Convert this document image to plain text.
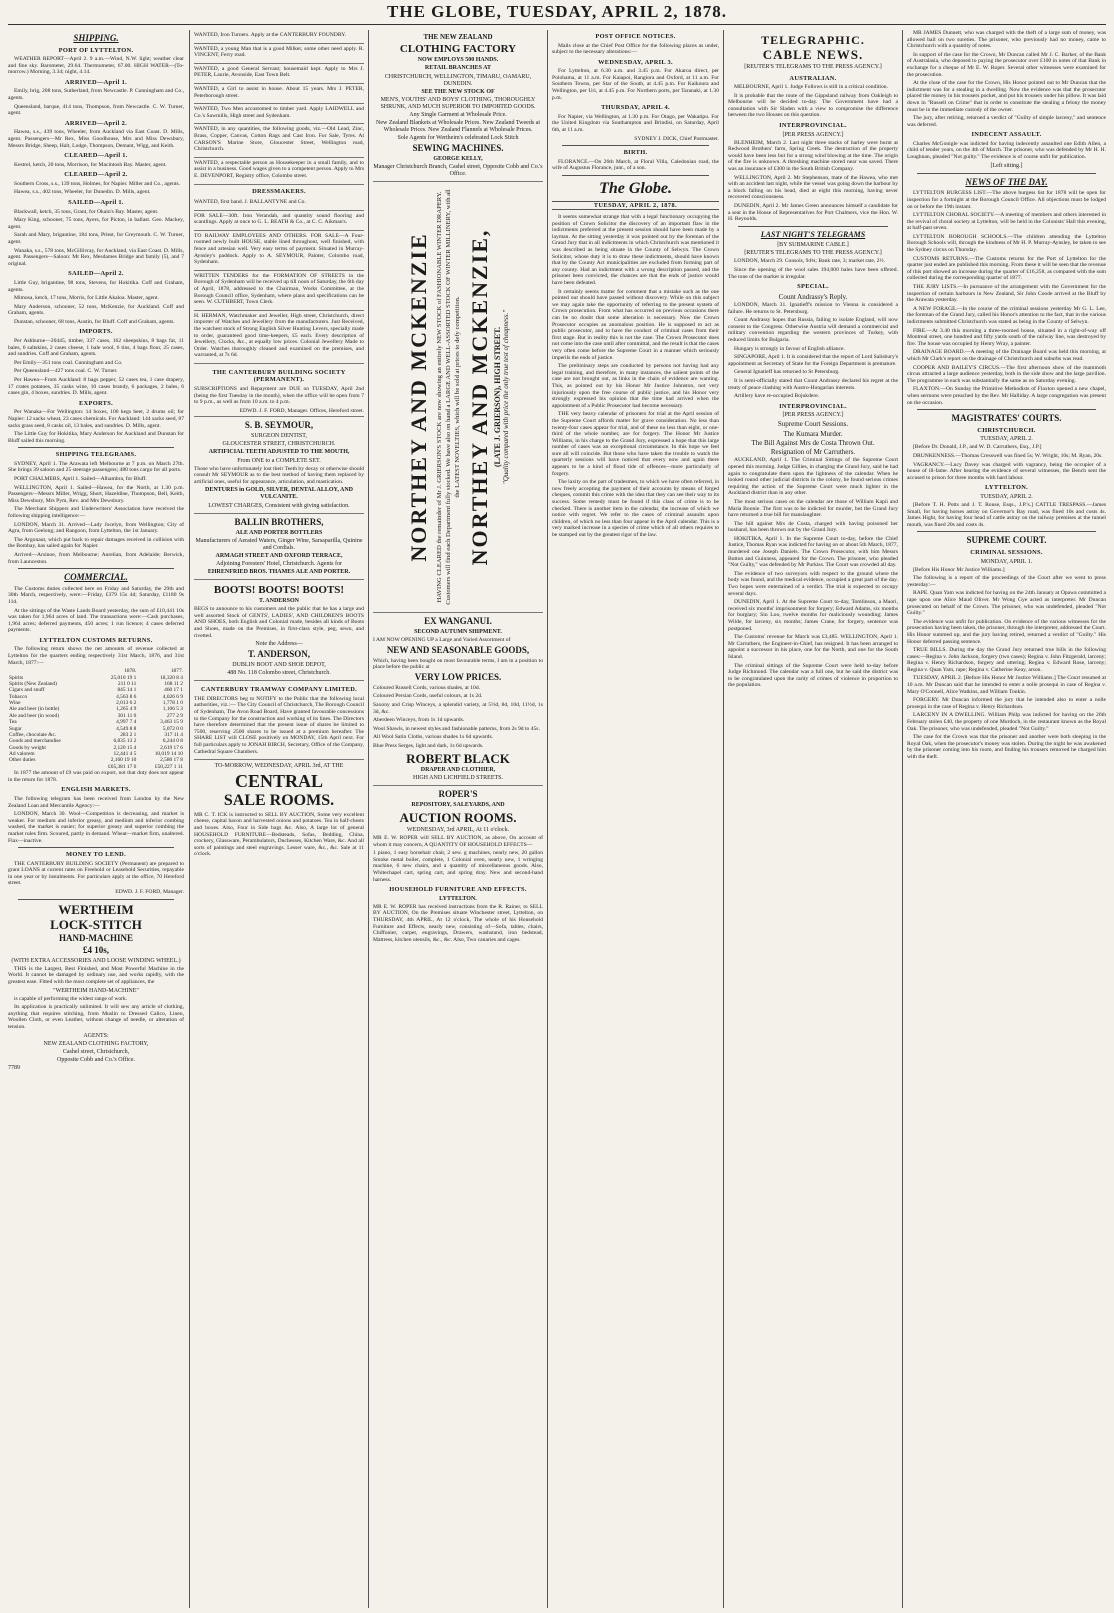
THE GLOBE, TUESDAY, APRIL 2, 1878.
SHIPPING.
PORT OF LYTTELTON.

WEATHER REPORT—April 2. 9 a.m.—Wind, N.W. light; weather clear and fine sky. Barometer, 29.64. Thermometer, 67.00. HIGH WATER—(To-morrow.) Morning, 3.34; night, 4.14.

ARRIVED—April 1.

Emily, brig, 208 tons, Sutherland, from Newcastle. P. Cunningham and Co., agents.

Queensland, barque, 414 tons, Thompson, from Newcastle. C. W. Turner, agent.

ARRIVED—April 2.

Hawea, s.s., 439 tons, Wheeler, from Auckland via East Coast. D. Mills, agent. Passengers—Mr Rex, Miss Goodhouse, Mrs and Miss Dewsbury, Messrs Bridge, Sheep, Halt, Lodge, Thompson, Demant, Wigg, and Keith.

CLEARED—April 1.

Kestrel, ketch, 20 tons, Morrison, for Macintosh Bay. Master, agent.

CLEARED—April 2.

Southern Cross, s.s., 139 tons, Holmes, for Napier. Miller and Co., agents.

Hawea, s.s., 402 tons, Wheeler, for Dunedin. D. Mills, agent.

SAILED—April 1.

Blackwall, ketch, 35 tons, Grant, for Okain's Bay. Master, agent.

Mary King, schooner, 75 tons, Ayers, for Picton, in ballast. Geo. Mackey, agent.

Sarah and Mary, brigantine, 184 tons, Priest, for Greymouth. C. W. Turner, agent.

Wanaka, s.s., 578 tons, McGillivray, for Auckland, via East Coast. D. Mills, agent. Passengers—Saloon: Mr Rex, Mesdames Bridge and family (5), and 7 original.

SAILED—April 2.

Little Guy, brigantine, 98 tons, Stevens, for Hokitika. Coff and Graham, agents.

Mimosa, ketch, 17 tons, Morris, for Little Akaloa. Master, agent.

Mary Anderson, schooner, 52 tons, McKenzie, for Auckland. Coff and Graham, agents.

Dunstan, schooner, 68 tons, Austin, for Bluff. Coff and Graham, agents.

IMPORTS.

Per Ashburne—20445, timber, 337 cases, 162 sheepskins, 8 bags fat, 11 bales, 6 saltskins, 2 cases cheese, 1 bale wool, 6 tins, 4 bags flour, 25 cases, and sundries. Coff and Graham, agents.

Per Emily—351 tons coal. Cunningham and Co.

Per Queensland—427 tons coal. C. W. Turner.

Per Hawea—From Auckland: 8 bags pepper, 52 cases tea, 1 case drapery, 17 crates potatoes, 35 casks wine, 10 cases brandy, 6 packages, 2 bales, 6 cases gin, 4 boxes, sundries. D. Mills, agent.

EXPORTS.

Per Wanaka—For Wellington: 14 boxes, 100 kegs beer, 2 drums oil; for Napier: 12 sacks wheat, 23 cases chemicals. For Auckland: 144 sacks seed, 87 sacks grass seed, 8 casks oil, 13 bales, and sundries. D. Mills, agent.

The Little Guy for Hokitika, Mary Anderson for Auckland and Dunstan for Bluff sailed this morning.

SHIPPING TELEGRAMS.

SYDNEY, April 1. The Arawata left Melbourne at 7 p.m. on March 27th. She brings 39 saloon and 25 steerage passengers; 480 tons cargo for all ports.

PORT CHALMERS, April 1. Sailed—Alhambra, for Bluff.

WELLINGTON, April 1. Sailed—Hawea, for the North, at 1.30 p.m. Passengers—Messrs Miller, Wrigg, Short, Hazeldine, Thompson, Bell, Keith, Miss Dewsbury, Mrs Pym, Rev. and Mrs Dewsbury.

The Merchant Shippers and Underwriters' Association have received the following shipping intelligence:—

LONDON, March 31. Arrived—Lady Jocelyn, from Wellington; City of Agra, from Geelong; and Rangoon, from Lyttelton, the 1st January.

The Argonaut, which put back to repair damages received in collision with the Bombay, has sailed again for Napier.

Arrived—Arsinoe, from Melbourne; Aurelian, from Adelaide; Berwick, from Launceston.

COMMERCIAL.

The Customs duties collected here on Friday and Saturday, the 29th and 30th March, respectively, were:—Friday, £379 15s 4d; Saturday, £1180 9s 11d.

At the sittings of the Waste Lands Board yesterday, the sum of £10,441 10s was taken for 1,964 acres of land. The transactions were:—Cash purchases, 1,964 acres; deferred payments, 450 acres; 1 run licence; 4 cases deferred payments.

LYTTELTON CUSTOMS RETURNS.

The following return shows the net amounts of revenue collected at Lyttelton for the quarters ending respectively 31st March, 1876, and 31st March, 1877:—

	1878.	1877.
Spirits	25,010 19 1	18,320 8 4
Spirits (New Zealand)	211 0 11	168 11 2
Cigars and snuff	845 14 1	460 17 1
Tobacco	4,563 8 6	4,026 6 9
Wine	2,013 6 2	1,778 1 0
Ale and beer (in bottle)	1,265 4 9	1,106 5 3
Ale and beer (in wood)	301 11 0	277 2 9
Tea	4,997 7 4	3,463 15 9
Sugar	4,549 8 8	5,072 0 0
Coffee, chocolate &c.	283 2 1	317 11 4
Goods and merchandise	6,835 13 2	6,244 0 8
Goods by weight	2,120 15 4	2,619 17 6
Ad valorem	12,441 4 5	10,019 14 10
Other duties	2,160 19 10	2,580 17 8
	£65,381 17 0	£50,227 1 11

In 1877 the amount of £9 was paid on export, not that duty does not appear in the return for 1878.

ENGLISH MARKETS.

The following telegram has been received from London by the New Zealand Loan and Mercantile Agency:—

LONDON, March 30. Wool—Competition is decreasing, and market is weaker. For medium and inferior greasy, and medium and inferior combing washed, the market is easier; for superior greasy and superior combing the market rules firm. Scoured, partly in demand. Wheat—market firm, unaltered. Flax—inactive.

MONEY TO LEND.

THE CANTERBURY BUILDING SOCIETY (Permanent) are prepared to grant LOANS at current rates on Freehold or Leasehold Securities, repayable in one year or by instalments. For particulars apply at the office, 70 Hereford street.

EDWD. J. F. FORD, Manager.
WERTHEIM
LOCK-STITCH
HAND-MACHINE
£4 10s,
(WITH EXTRA ACCESSORIES AND LOOSE WINDING WHEEL.)

THIS is the Largest, Best Finished, and Most Powerful Machine in the World. It cannot be damaged by ordinary use, and works rapidly, with the greatest ease. Fitted with the most complete set of appliances, the

"WERTHEIM HAND-MACHINE"

is capable of performing the widest range of work.

Its application is practically unlimited. It will sew any article of clothing, anything that requires stitching, from Muslin to Dressed Calico, Linen, Woollen Cloth, or even Leather, without change of needle, or alteration of tension.

AGENTS:
NEW ZEALAND CLOTHING FACTORY,
Cashel street, Christchurch,
Opposite Cobb and Co.'s Office.
7789

WANTED, Iron Turners. Apply at the CANTERBURY FOUNDRY.

WANTED, a young Man that is a good Milker, some other need apply. R. VINCENT, Ferry road.

WANTED, a good General Servant; housemaid kept. Apply to Mrs J. PETER, Laurie, Avonside, East Town Belt.

WANTED, a Girl to assist in house. About 15 years. Mrs J. PETER, Peterborough street.

WANTED, Two Men accustomed to timber yard. Apply LAIDWELL and Co.'s Sawmills, High street and Sydenham.

WANTED, in any quantities, the following goods, viz.—Old Lead, Zinc, Brass, Copper, Canvas, Cotton Rags and Cast Iron. For Sale, Tyres. At CARSON'S Marine Store, Gloucester Street, Wellington road, Christchurch.

WANTED, a respectable person as Housekeeper in a small family, and to assist in a business. Good wages given to a competent person. Apply to Mrs E. DEVENPORT, Registry office, Colombo street.

DRESSMAKERS.

WANTED, first hand. J. BALLANTYNE and Co.

FOR SALE—30ft. Iron Verandah, and quantity sound flooring and scantlings. Apply at once to G. L. BEATH & Co., at C. C. Aikman's.

TO RAILWAY EMPLOYEES AND OTHERS. FOR SALE—A Four-roomed newly built HOUSE, stable lined throughout, well finished, with fence and artesian well. Very easy terms of payment. Situated in Murray-Aynsley's paddock. Apply to A. SEYMOUR, Painter, Colombo road, Sydenham.

WRITTEN TENDERS for the FORMATION OF STREETS in the Borough of Sydenham will be received up till noon of Saturday, the 6th day of April, 1878, addressed to the Chairman, Works Committee, at the Borough Council office, Sydenham, where plans and specifications can be seen. W. CUTHBERT, Town Clerk.

H. HERMAN, Watchmaker and Jeweller, High street, Christchurch, direct importer of Watches and Jewellery from the manufacturers. Just Received, the watchest stock of Strong English Silver Hunting Levers, specially made to order, guaranteed good time-keepers, £5 each. Every description of Jewellery, Clocks, &c., at equally low prices. Colonial Jewellery Made to Order. Watches thoroughly cleaned and examined on the premises, and warranted, at 7s 6d.

THE CANTERBURY BUILDING SOCIETY (PERMANENT).

SUBSCRIPTIONS and Repayment are DUE on TUESDAY, April 2nd (being the first Tuesday in the month), when the office will be open from 7 to 9 p.m., as well as from 10 a.m. to 4 p.m.

EDWD. J. F. FORD, Manager. Offices, Hereford street.
S. B. SEYMOUR,
SURGEON DENTIST,
GLOUCESTER STREET, CHRISTCHURCH.
ARTIFICIAL TEETH ADJUSTED TO THE MOUTH,
From ONE to a COMPLETE SET.

Those who have unfortunately lost their Teeth by decay or otherwise should consult Mr SEYMOUR as to the best method of having them replaced by artificial ones, useful for appearance, articulation, and mastication.

DENTURES in GOLD, SILVER, DENTAL ALLOY, AND VULCANITE.
LOWEST CHARGES, Consistent with giving satisfaction.
BALLIN BROTHERS,
ALE AND PORTER BOTTLERS
Manufacturers of Aerated Waters, Ginger Wine, Sarsaparilla, Quinine and Cordials.
ARMAGH STREET AND OXFORD TERRACE,
Adjoining Foresters' Hotel, Christchurch. Agents for
EHRENFRIED BROS. THAMES ALE AND PORTER.
BOOTS! BOOTS! BOOTS!
T. ANDERSON

BEGS to announce to his customers and the public that he has a large and well assorted Stock of GENTS', LADIES', AND CHILDREN'S BOOTS AND SHOES, both English and Colonial made, besides all kinds of Boots and Shoes, made on the Premises, in first-class style, peg, sewn, and rivetted.

Note the Address—
T. ANDERSON,
DUBLIN BOOT AND SHOE DEPOT,
488 No. 118 Colombo street, Christchurch.
CANTERBURY TRAMWAY COMPANY LIMITED.

THE DIRECTORS beg to NOTIFY to the Public that the following local authorities, viz.:— The City Council of Christchurch, The Borough Council of Sydenham, The Avon Road Board, Have granted favourable concessions to the Company for the construction and working of its lines. The Directors have therefore determined that the present issue of shares be limited to 7500, reserving 2500 shares to be issued at a premium hereafter. The SHARE LIST will CLOSE positively on MONDAY, 15th April next. For full particulars apply to JONAH BIRCH, Secretary, Office of the Company, Cathedral Square Chambers.

TO-MORROW, WEDNESDAY, APRIL 3rd, AT THE
CENTRAL
SALE ROOMS.

MR C. T. ICK is instructed to SELL BY AUCTION, Some very excellent cheese, capital bacon and harvested onions and potatoes. Tea in half-chests and boxes. Also, Four in Side bags &c. Also, A large lot of general HOUSEHOLD FURNITURE—Bedsteads, Sofas, Bedding, China, crockery, Glassware, Perambulators, Duchesses, Kitchen Ware, &c. And all sorts of paintings and steel engravings. Lesser ware, &c., &c. Sale at 11 o'clock.

THE NEW ZEALAND
CLOTHING FACTORY
NOW EMPLOYS 500 HANDS.
RETAIL BRANCHES AT
CHRISTCHURCH, WELLINGTON, TIMARU, OAMARU, DUNEDIN.
SEE THE NEW STOCK OF
MEN'S, YOUTHS' AND BOYS' CLOTHING, THOROUGHLY SHRUNK, AND MUCH SUPERIOR TO IMPORTED GOODS.
Any Single Garment at Wholesale Price.
New Zealand Blankets at Wholesale Prices. New Zealand Tweeds at Wholesale Prices. New Zealand Flannels at Wholesale Prices.
Sole Agents for Wertheim's celebrated Lock Stitch
SEWING MACHINES.
GEORGE KELLY,
Manager Christchurch Branch, Cashel street, Opposite Cobb and Co.'s Office.
NORTHEY AND MCKENZIE HAVING CLEARED the remainder of Mr J. GRIERSON'S STOCK are now showing an entirely NEW STOCK of FASHIONABLE WINTER DRAPERY. Customers will find each Department fully stocked. We have also on hand a LARGE AND WELL-ASSORTED STOCK OF WINTER MILLINERY, with all the LATEST NOVELTIES, which will be sold at prices to defy competition. NORTHEY AND MCKENZIE, (LATE J. GRIERSON), HIGH STREET. "Quality compared with price the only true test of cheapness."
EX WANGANUI.
SECOND AUTUMN SHIPMENT.

I AM NOW OPENING UP a Large and Varied Assortment of

NEW AND SEASONABLE GOODS,

Which, having been bought on most favourable terms, I am in a position to place before the public at

VERY LOW PRICES.

Coloured Russell Cords, various shades, at 10d.

Coloured Persian Cords, useful colours, at 1s 2d.

Saxony and Crisp Winceys, a splendid variety, at 5½d, 8d, 10d, 11½d, 1s 3d, &c.

Aberdeen Winceys, from 1s 1d upwards.

Wool Shawls, in newest styles and fashionable patterns, from 2s 9d to 45s.

All Wool Satin Cloths, various shades 1s 6d upwards.

Blue Press Serges, light and dark, 1s 6d upwards.

ROBERT BLACK
DRAPER AND CLOTHIER,
HIGH AND LICHFIELD STREETS.
ROPER'S
REPOSITORY, SALEYARDS, AND
AUCTION ROOMS.
WEDNESDAY, 3rd APRIL, At 11 o'clock.

MR E. W. ROPER will SELL BY AUCTION, as above, On account of whom it may concern, A QUANTITY OF HOUSEHOLD EFFECTS—

1 piano, 1 easy horsehair chair, 2 sew. g machines, nearly new, 20 gallon Smoke metal boiler, complete, 1 Colonial oven, nearly new, 1 wringing machine, 6 new chairs, and a quantity of miscellaneous goods. Also, Whitechapel cart, spring cart, and spring dray. New and second-hand harness.

HOUSEHOLD FURNITURE AND EFFECTS.
LYTTELTON.

MR E. W. ROPER has received instructions from the R. Rainer, to SELL BY AUCTION, On the Premises situate Winchester street, Lyttelton, on THURSDAY, 4th APRIL, At 12 o'clock, The whole of his Household Furniture and Effects, nearly new, consisting of—Sofa, tables, chairs, Chiffonier, carpet, engravings, Drawers, washstand, iron bedstead, Mattress, kitchen utensils, &c., &c. Also, Two canaries and cages.

POST OFFICE NOTICES.

Mails close at the Chief Post Office for the following places as under, subject to the necessary alterations:—

WEDNESDAY, APRIL 3.

For Lyttelton, at 6.30 a.m. and 3.45 p.m. For Akaroa direct, per Polohama, at 11 a.m. For Kaiapoi, Rangiora and Oxford, at 11 a.m. For Southern Towns, per Star of the South, at 4.45 p.m. For Kaikoura and Wellington, per Uri, at 4.45 p.m. For Northern ports, per Taranaki, at 1.30 p.m.

THURSDAY, APRIL 4.

For Napier, via Wellington, at 1.30 p.m. For Otago, per Wakatipu. For the United Kingdom via Southampton and Brindisi, on Saturday, April 6th, at 11 a.m.

SYDNEY J. DICK, Chief Postmaster.
BIRTH.

FLORANCE.—On 26th March, at Floral Villa, Caledonian road, the wife of Augustus Florance, junr., of a son.

The Globe.
TUESDAY, APRIL 2, 1878.

It seems somewhat strange that with a legal functionary occupying the position of Crown Solicitor the discovery of an important flaw in the indictments preferred at the present session should have been made by a layman. At the sitting yesterday it was pointed out by the foreman of the Grand Jury that in all indictments in which Christchurch was mentioned it was described as being situate in the County of Selwyn. The Crown Solicitor, whose duty it is to draw these indictments, should have known that by the County Act municipalities are excluded from forming part of any county. Had an indictment with a wrong description passed, and the prisoner been convicted, the chances are that the ends of justice would have been defeated.

It certainly seems matter for comment that a mistake such as the one pointed out should have passed without discovery. While on this subject we may again take the opportunity of referring to the present system of Crown prosecution. From what has occurred on previous occasions there can be no doubt that some alteration is necessary. Now the Crown Prosecutor occupies an anomalous position. He is supposed to act as public prosecutor, and to have the conduct of criminal cases from their first stage. But in reality this is not the case. The Crown Prosecutor does not come into the case until after committal, and the result is that the cases very often come before the Supreme Court in a manner which seriously imperils the ends of justice.

The preliminary steps are conducted by persons not having had any legal training, and therefore, in many instances, the salient points of the case are not brought out, as links in the chain of evidence are wanting. This, as pointed out by his Honor Mr Justice Johnston, not very injuriously upon the free course of public justice, and his Honor very strongly expressed his opinion that the time had arrived when the appointment of a Public Prosecutor had become necessary.

THE very heavy calendar of prisoners for trial at the April session of the Supreme Court affords matter for grave consideration. No less than twenty-four cases appear for trial, and of these no less than eight, or one-third of the whole number, are for forgery. The Honor Mr Justice Williams, in his charge to the Grand Jury, expressed a hope that this large number of cases was an exceptional circumstance. In this hope we feel sure all will coincide. But those who have taken the trouble to watch the quarterly sessions will have noticed that every now and again there appears to be a kind of flood tide of offences—more particularly of forgery.

The laxity on the part of tradesmen, to which we have often referred, in now freely accepting the payment of their accounts by means of forged cheques, commit this crime with the idea that they can see their way to its success. Some remedy must be found if this class of crime is to be checked. There is another item in the calendar, the increase of which we notice with regret. We refer to the cases of criminal assaults upon children, of which no less than four appear in the April calendar. This is a very marked increase in a species of crime which of all others requires to be stamped out by the greatest rigor of the law.

TELEGRAPHIC.
CABLE NEWS.
[REUTER'S TELEGRAMS TO THE PRESS AGENCY.]
AUSTRALIAN.

MELBOURNE, April 1. Judge Follows is still in a critical condition.

It is probable that the route of the Gippsland railway from Oakleigh to Melbourne will be decided to-day. The Government have had a consultation with Sir Sladen with a view to compromise the difference between the two Houses on this question.

INTERPROVINCIAL.
[PER PRESS AGENCY.]

BLENHEIM, March 2. Last night three stacks of barley were burnt at Redwood Brothers' farm, Spring Creek. The destruction of the property would have been less but for a strong wind blowing at the time. The origin of the fire is unknown. A threshing machine stored near was saved. There was an insurance of £300 in the South British Company.

WELLINGTON, April 2. Mr Stephenson, mate of the Hawea, who met with an accident last night, while the vessel was going down the harbour by a block falling on his head, died at eight this morning, having never recovered consciousness.

DUNEDIN, April 2. Mr James Green announces himself a candidate for a seat in the House of Representatives for Port Chalmers, vice the Hon. W. H. Reynolds.

LAST NIGHT'S TELEGRAMS
[BY SUBMARINE CABLE.]
[REUTER'S TELEGRAMS TO THE PRESS AGENCY.]

LONDON, March 29. Consols, 94¾; Bank rate, 3; market rate, 2½.

Since the opening of the wool sales 194,000 bales have been offered. The tone of the market is irregular.

SPECIAL.
Count Andrassy's Reply.

LONDON, March 31. Ignatieff's mission to Vienna is considered a failure. He returns to St. Petersburg.

Count Andrassy hopes that Russia, failing to isolate England, will now consent to the Congress. Otherwise Austria will demand a commercial and military convention regarding the western provinces of Turkey, with reduced limits for Bulgaria.

Hungary is strongly in favour of English alliance.

SINGAPORE, April 1. It is considered that the report of Lord Salisbury's appointment as Secretary of State for the Foreign Department is premature.

General Ignatieff has returned to St Petersburg.

It is semi-officially stated that Count Andrassy declared his regret at the treaty of peace clashing with Austro-Hungarian interests.

Artillery have re-occupied Bojukdere.

INTERPROVINCIAL.
[PER PRESS AGENCY.]
Supreme Court Sessions.
The Kumara Murder.
The Bill Against Mrs de Costa Thrown Out.
Resignation of Mr Carruthers.

AUCKLAND, April 1. The Criminal Sittings of the Supreme Court opened this morning. Judge Gillies, in charging the Grand Jury, said he had again to congratulate them upon the lightness of the calendar. When he looked round other judicial districts in the colony, he found serious crimes requiring the action of the Supreme Court were much lighter in the Auckland district than in any other.

The most serious cases on the calendar are those of William Kapii and Maria Boonie. The first was to be indicted for murder, but the Grand Jury have returned a true bill for manslaughter.

The bill against Mrs de Costa, charged with having poisoned her husband, has been thrown out by the Grand Jury.

HOKITIKA, April 1. In the Supreme Court to-day, before the Chief Justice, Thomas Ryan was indicted for having on or about 5th March, 1877, murdered one Joseph Daniels. The Crown Prosecutor, with him Messrs Button and Guinness, appeared for the Crown. The prisoner, who pleaded "Not Guilty," was defended by Mr Purkiss. The Court was crowded all day.

The evidence of two surveyors with respect to the ground where the body was found, and the medical evidence, occupied a great part of the day. Two hopes were entertained of a verdict. The trial is expected to occupy several days.

DUNEDIN, April 1. At the Supreme Court to-day, Tomlinson, a Maori, received six months' imprisonment for forgery; Edward Adams, six months for burglary; Sin Loo, twelve months for maliciously wounding; James Wilde, for larceny, six months; James Crane, for forgery, sentence was postponed.

The Customs' revenue for March was £3,485. WELLINGTON, April 1. Mr Carruthers, the Engineer-in-Chief, has resigned. It has been arranged to appoint a successor in his place, one for the North, and one for the South Island.

The criminal sittings of the Supreme Court were held to-day before Judge Richmond. The calendar was a full one, but he said the district was to be congratulated upon the rarity of crimes of violence in proportion to the population.

MR JAMES Dunnett, who was charged with the theft of a large sum of money, was allowed bail on two sureties. The prisoner, who previously had no money, came to Christchurch with a quantity of notes.

In support of the case for the Crown, Mr Duncan called Mr J. C. Barker, of the Bank of Australasia, who deposed to paying the prosecutor over £100 in notes of that Bank in exchange for a cheque of Mr E. W. Roper. Several other witnesses were examined for the prosecution.

At the close of the case for the Crown, His Honor pointed out to Mr Duncan that the indictment was for a stealing in a dwelling. Now the evidence was that the prosecutor placed the money in his trousers pocket, and put his trousers under his pillow. It was laid down in "Russell on Crime" that in order to constitute the stealing a felony the money must be in the immediate custody of the owner.

The jury, after retiring, returned a verdict of "Guilty of simple larceny," and sentence was deferred.

INDECENT ASSAULT.

Charles McGonigle was indicted for having indecently assaulted one Edith Allen, a child of tender years, on the 4th of March. The prisoner, who was defended by Mr H. H. Loughnan, pleaded "Not guilty." The evidence is of course unfit for publication.

[Left sitting.]
NEWS OF THE DAY.

LYTTELTON BURGESS LIST.—The above burgess list for 1878 will be open for inspection for a fortnight at the Borough Council Office. All objections must be lodged on or before the 19th instant.

LYTTELTON CHORAL SOCIETY.—A meeting of members and others interested in the revival of choral society at Lyttelton, will be held in the Colonists' Hall this evening, at half-past seven.

LYTTELTON BOROUGH SCHOOLS.—The children attending the Lyttelton Borough Schools will, through the kindness of Mr H. P. Murray-Aynsley, be taken to see the Sydney circus on Thursday.

CUSTOMS RETURNS.—The Customs returns for the Port of Lyttelton for the quarter just ended are published this morning. From these it will be seen that the revenue of this port showed an increase during the quarter of £16,258, as compared with the sum collected during the corresponding quarter of 1877.

THE JURY LISTS.—In pursuance of the arrangement with the Government for the inspection of certain harbours in New Zealand, Sir John Coode arrived at the Bluff by the Arawata yesterday.

A NEW FORAGE.—In the course of the criminal sessions yesterday Mr G. L. Lee, the foreman of the Grand Jury, called his Honor's attention to the fact, that in the various indictments submitted Christchurch was stated as being in the County of Selwyn.

FIRE.—At 3.40 this morning a three-roomed house, situated in a right-of-way off Montreal street, one hundred and fifty yards south of the railway line, was destroyed by fire. The house was occupied by Henry Wray, a painter.

DRAINAGE BOARD.—A meeting of the Drainage Board was held this morning, at which Mr Clark's report on the drainage of Christchurch and suburbs was read.

COOPER AND BAILEY'S CIRCUS.—The first afternoon show of the mammoth circus attracted a large audience yesterday, both in the side show and the large pavilion. The programme in each was substantially the same as on Saturday evening.

FLAXTON.—On Sunday the Primitive Methodists of Flaxton opened a new chapel, when sermons were preached by the Rev. Mr Halliday. A large congregation was present on the occasion.

MAGISTRATES' COURTS.
CHRISTCHURCH.
TUESDAY, APRIL 2.

[Before Dr. Donald, J.P., and W. D. Carruthers, Esq., J.P.]

DRUNKENNESS.—Thomas Cresswell was fined 5s; W. Wright, 10s; M. Ryan, 20s.

VAGRANCY.—Lucy Davey was charged with vagrancy, being the occupier of a house of ill-fame. After hearing the evidence of several witnesses, the Bench sent the accused to prison for three months with hard labour.

LYTTELTON.
TUESDAY, APRIL 2.

[Before T. H. Potts and J. T. Rouse, Esqs., J.P.'s.] CATTLE TRESPASS.—James Small, for having horses astray on Governor's Bay road, was fined 10s and costs 4s. James Hight, for having four head of cattle astray on the railway premises at the tunnel mouth, was fined 20s and costs 4s.

SUPREME COURT.
CRIMINAL SESSIONS.
MONDAY, APRIL 1.

[Before His Honor Mr Justice Williams.]

The following is a report of the proceedings of the Court after we went to press yesterday:—

RAPE. Quan Yam was indicted for having on the 24th January at Opawa committed a rape upon one Alice Maud Oliver. Mr Wong Gye acted as interpreter. Mr Duncan prosecuted on behalf of the Crown. The prisoner, who was undefended, pleaded "Not Guilty."

The evidence was unfit for publication. On evidence of the various witnesses for the prosecution having been taken, the prisoner, through the interpreter, addressed the Court. His Honor summed up, and the jury having retired, returned a verdict of "Guilty." His Honor deferred passing sentence.

TRUE BILLS. During the day the Grand Jury returned true bills in the following cases:—Regina v. John Jackson, forgery (two cases); Regina v. John Fitzgerald, larceny; Regina v. Henry Richardson, forgery and uttering; Regina v. Edward Rose, larceny; Regina v. Quan Yam, rape; Regina v. Catherine Keay, arson.

TUESDAY, APRIL 2. [Before His Honor Mr Justice Williams.] The Court resumed at 10 a.m. Mr Duncan said that he intended to enter a nolle prosequi in case of Regina v. Mary O'Connell, Alice Watkins, and William Tonkin.

FORGERY. Mr Duncan informed the jury that he intended also to enter a nolle prosequi in the case of Regina v. Henry Richardson.

LARCENY IN A DWELLING. William Philp was indicted for having on the 26th February stolen £40, the property of one Murdoch, in the restaurant known as the Royal Oak. The prisoner, who was undefended, pleaded "Not Guilty."

The case for the Crown was that the prisoner and another were both sleeping in the Royal Oak, when the prosecutor's money was stolen. During the night he was awakened by the prisoner coming into his room, and finding his trousers removed he charged him with the theft.
